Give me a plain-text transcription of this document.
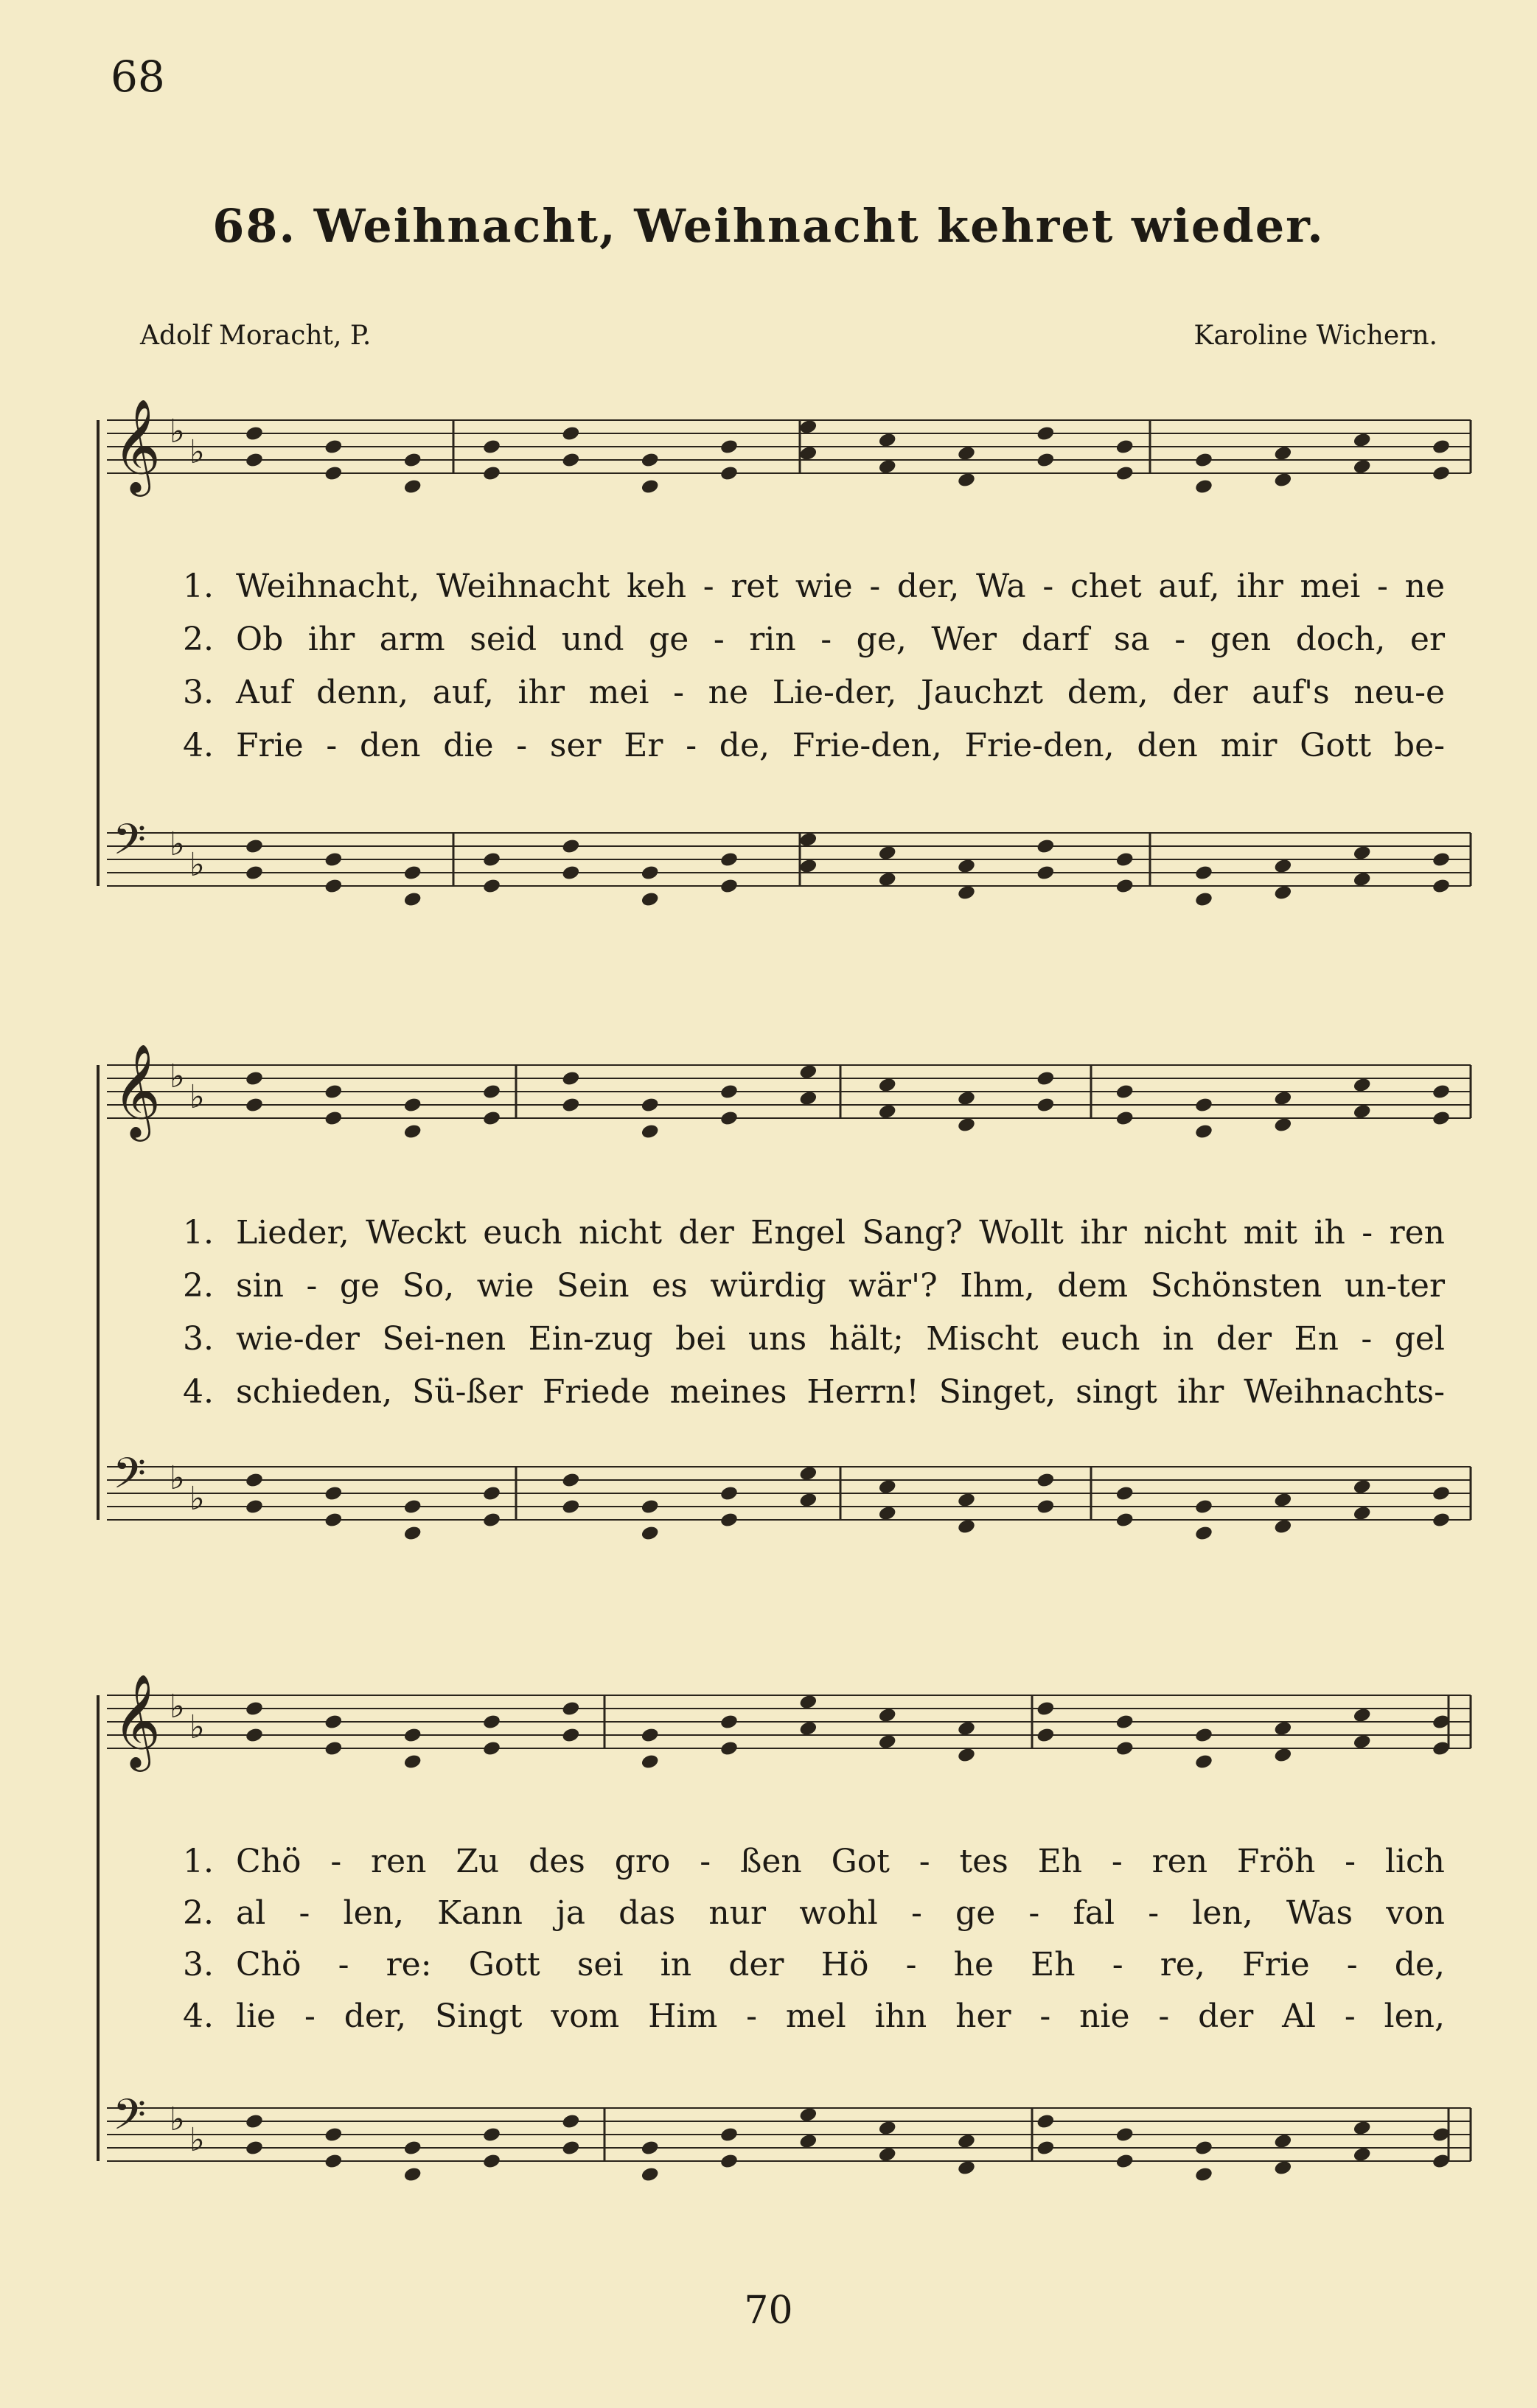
𝄞 ♭
♭
𝄢 ♭
♭
𝄞 ♭
♭
𝄢 ♭
♭
𝄞 ♭
♭
𝄢 ♭
♭
68
68. Weihnacht, Weihnacht kehret wieder.
Adolf Moracht, P.	Karoline Wichern.
1. Weihnacht, Weihnacht keh - ret wie - der, Wa - chet auf, ihr mei - ne
2. Ob ihr arm seid und ge - rin - ge, Wer darf sa - gen doch, er
3. Auf denn, auf, ihr mei - ne Lie-der, Jauchzt dem, der auf's neu-e
4. Frie - den die - ser Er - de, Frie-den, Frie-den, den mir Gott be-
1. Lieder, Weckt euch nicht der Engel Sang? Wollt ihr nicht mit ih - ren
2. sin - ge So, wie Sein es würdig wär'? Ihm, dem Schönsten un-ter
3. wie-der Sei-nen Ein-zug bei uns hält; Mischt euch in der En - gel
4. schieden, Sü-ßer Friede meines Herrn! Singet, singt ihr Weihnachts-
1. Chö - ren Zu des gro - ßen Got - tes Eh - ren Fröh - lich
2. al - len, Kann ja das nur wohl - ge - fal - len, Was von
3. Chö - re: Gott sei in der Hö - he Eh - re, Frie - de,
4. lie - der, Singt vom Him - mel ihn her - nie - der Al - len,
70
